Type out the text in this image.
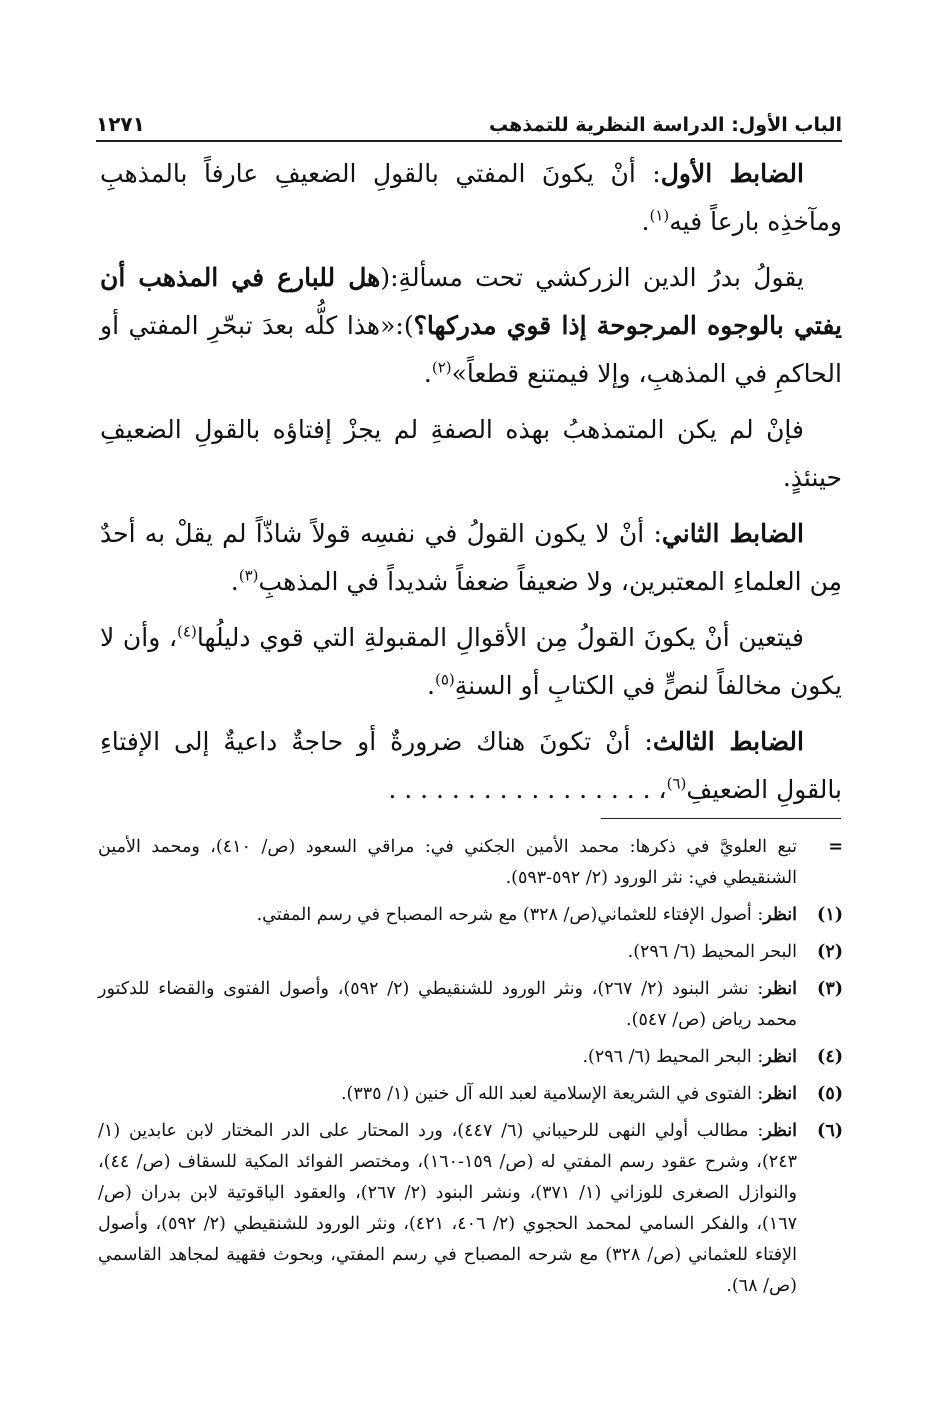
الباب الأول: الدراسة النظرية للتمذهب
١٢٧١

الضابط الأول: أنْ يكونَ المفتي بالقولِ الضعيفِ عارفاً بالمذهبِ ومآخذِه بارعاً فيه$^{(١)}$.

يقولُ بدرُ الدين الزركشي تحت مسألةِ:(هل للبارع في المذهب أن يفتي بالوجوه المرجوحة إذا قوي مدركها؟):«هذا كلُّه بعدَ تبحّرِ المفتي أو الحاكمِ في المذهبِ، وإلا فيمتنع قطعاً»$^{(٢)}$.

فإنْ لم يكن المتمذهبُ بهذه الصفةِ لم يجزْ إفتاؤه بالقولِ الضعيفِ حينئذٍ.

الضابط الثاني: أنْ لا يكون القولُ في نفسِه قولاً شاذّاً لم يقلْ به أحدٌ مِن العلماءِ المعتبرين، ولا ضعيفاً ضعفاً شديداً في المذهبِ$^{(٣)}$.

فيتعين أنْ يكونَ القولُ مِن الأقوالِ المقبولةِ التي قوي دليلُها$^{(٤)}$، وأن لا يكون مخالفاً لنصٍّ في الكتابِ أو السنةِ$^{(٥)}$.

الضابط الثالث: أنْ تكونَ هناك ضرورةٌ أو حاجةٌ داعيةٌ إلى الإفتاءِ بالقولِ الضعيفِ$^{(٦)}$، . . . . . . . . . . . . . . . . .

=
تبع العلويَّ في ذكرها: محمد الأمين الجكني في: مراقي السعود (ص/ ٤١٠)، ومحمد الأمين الشنقيطي في: نثر الورود (٢/ ٥٩٢-٥٩٣).
(١)
انظر: أصول الإفتاء للعثماني(ص/ ٣٢٨) مع شرحه المصباح في رسم المفتي.
(٢)
البحر المحيط (٦/ ٢٩٦).
(٣)
انظر: نشر البنود (٢/ ٢٦٧)، ونثر الورود للشنقيطي (٢/ ٥٩٢)، وأصول الفتوى والقضاء للدكتور محمد رياض (ص/ ٥٤٧).
(٤)
انظر: البحر المحيط (٦/ ٢٩٦).
(٥)
انظر: الفتوى في الشريعة الإسلامية لعبد الله آل خنين (١/ ٣٣٥).
(٦)
انظر: مطالب أولي النهى للرحيباني (٦/ ٤٤٧)، ورد المحتار على الدر المختار لابن عابدين (١/ ٢٤٣)، وشرح عقود رسم المفتي له (ص/ ١٥٩-١٦٠)، ومختصر الفوائد المكية للسقاف (ص/ ٤٤)، والنوازل الصغرى للوزاني (١/ ٣٧١)، ونشر البنود (٢/ ٢٦٧)، والعقود الياقوتية لابن بدران (ص/ ١٦٧)، والفكر السامي لمحمد الحجوي (٢/ ٤٠٦، ٤٢١)، ونثر الورود للشنقيطي (٢/ ٥٩٢)، وأصول الإفتاء للعثماني (ص/ ٣٢٨) مع شرحه المصباح في رسم المفتي، وبحوث فقهية لمجاهد القاسمي (ص/ ٦٨).
